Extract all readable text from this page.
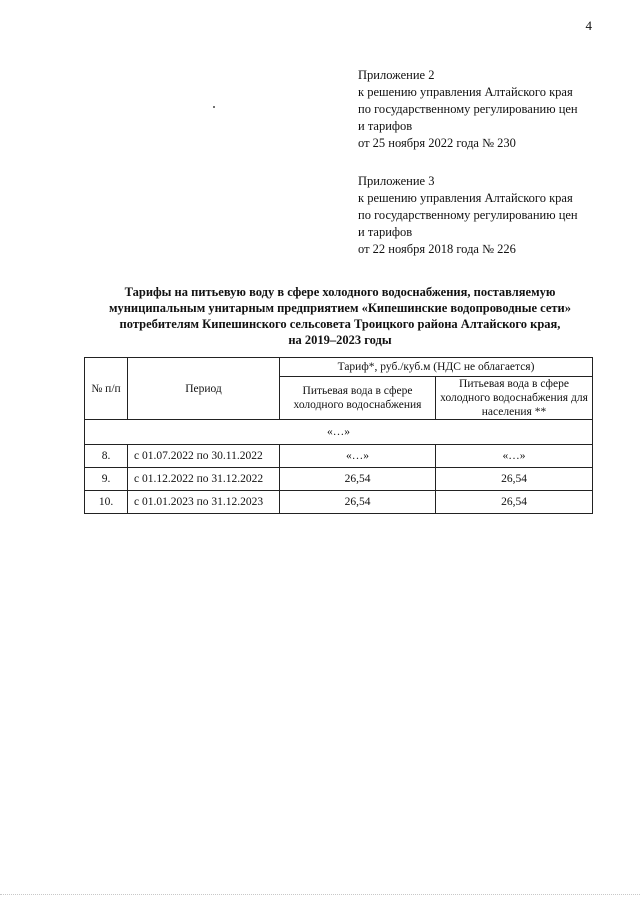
4
Приложение 2
к решению управления Алтайского края
по государственному регулированию цен
и тарифов
от 25 ноября 2022 года № 230
Приложение 3
к решению управления Алтайского края
по государственному регулированию цен
и тарифов
от 22 ноября 2018 года № 226
Тарифы на питьевую воду в сфере холодного водоснабжения, поставляемую
муниципальным унитарным предприятием «Кипешинские водопроводные сети»
потребителям Кипешинского сельсовета Троицкого района Алтайского края,
на 2019–2023 годы
№ п/п	Период	Тариф*, руб./куб.м (НДС не облагается)	
		Питьевая вода в сфере холодного водоснабжения	Питьевая вода в сфере холодного водоснабжения для населения **
«…»			
8.	с 01.07.2022 по 30.11.2022	«…»	«…»
9.	с 01.12.2022 по 31.12.2022	26,54	26,54
10.	с 01.01.2023 по 31.12.2023	26,54	26,54
